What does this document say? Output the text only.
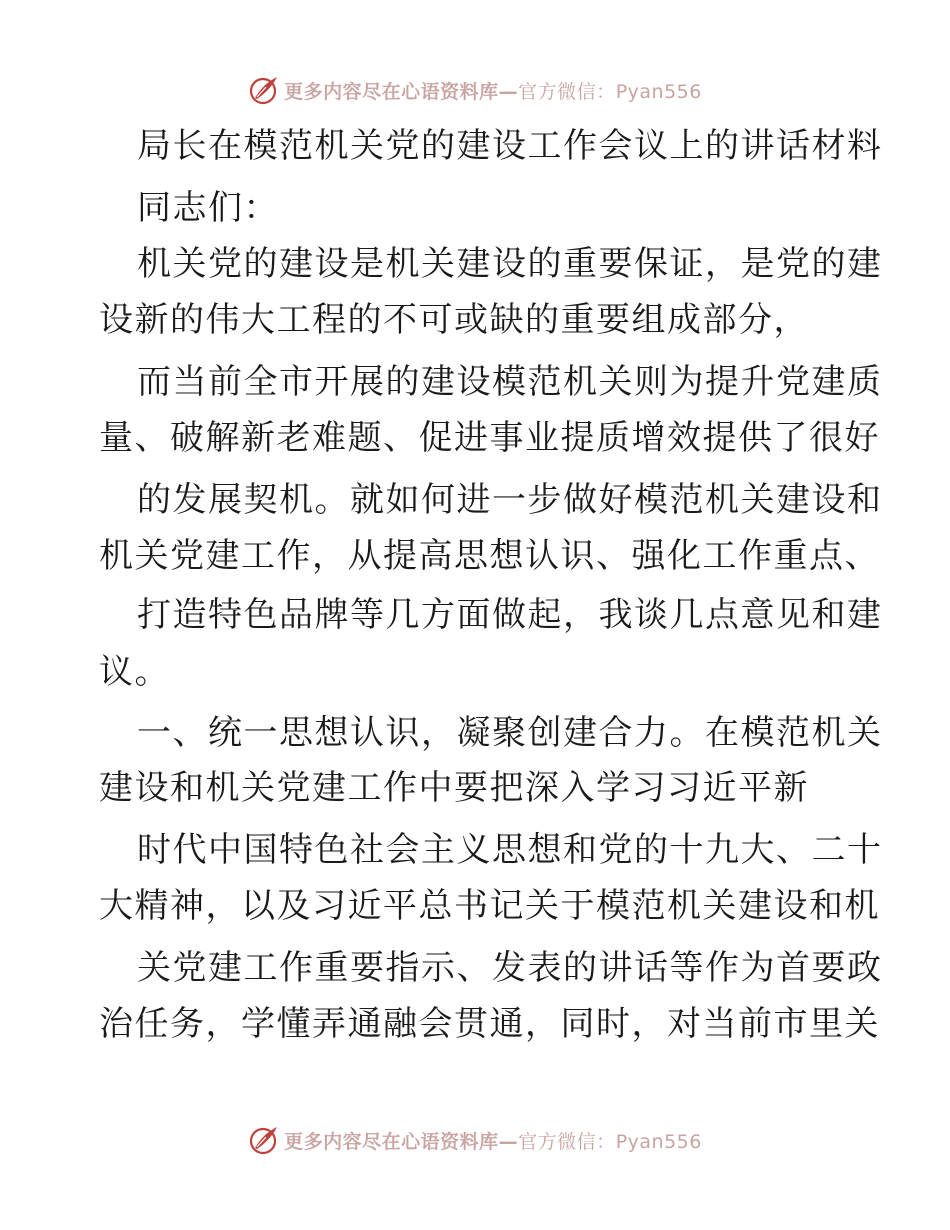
更多内容尽在心语资料库—官方微信：Pyan556
局长在模范机关党的建设工作会议上的讲话材料
同志们：
机关党的建设是机关建设的重要保证，是党的建
设新的伟大工程的不可或缺的重要组成部分，
而当前全市开展的建设模范机关则为提升党建质
量、破解新老难题、促进事业提质增效提供了很好
的发展契机。就如何进一步做好模范机关建设和
机关党建工作，从提高思想认识、强化工作重点、
打造特色品牌等几方面做起，我谈几点意见和建
议。
一、统一思想认识，凝聚创建合力。在模范机关
建设和机关党建工作中要把深入学习习近平新
时代中国特色社会主义思想和党的十九大、二十
大精神，以及习近平总书记关于模范机关建设和机
关党建工作重要指示、发表的讲话等作为首要政
治任务，学懂弄通融会贯通，同时，对当前市里关
更多内容尽在心语资料库—官方微信：Pyan556
